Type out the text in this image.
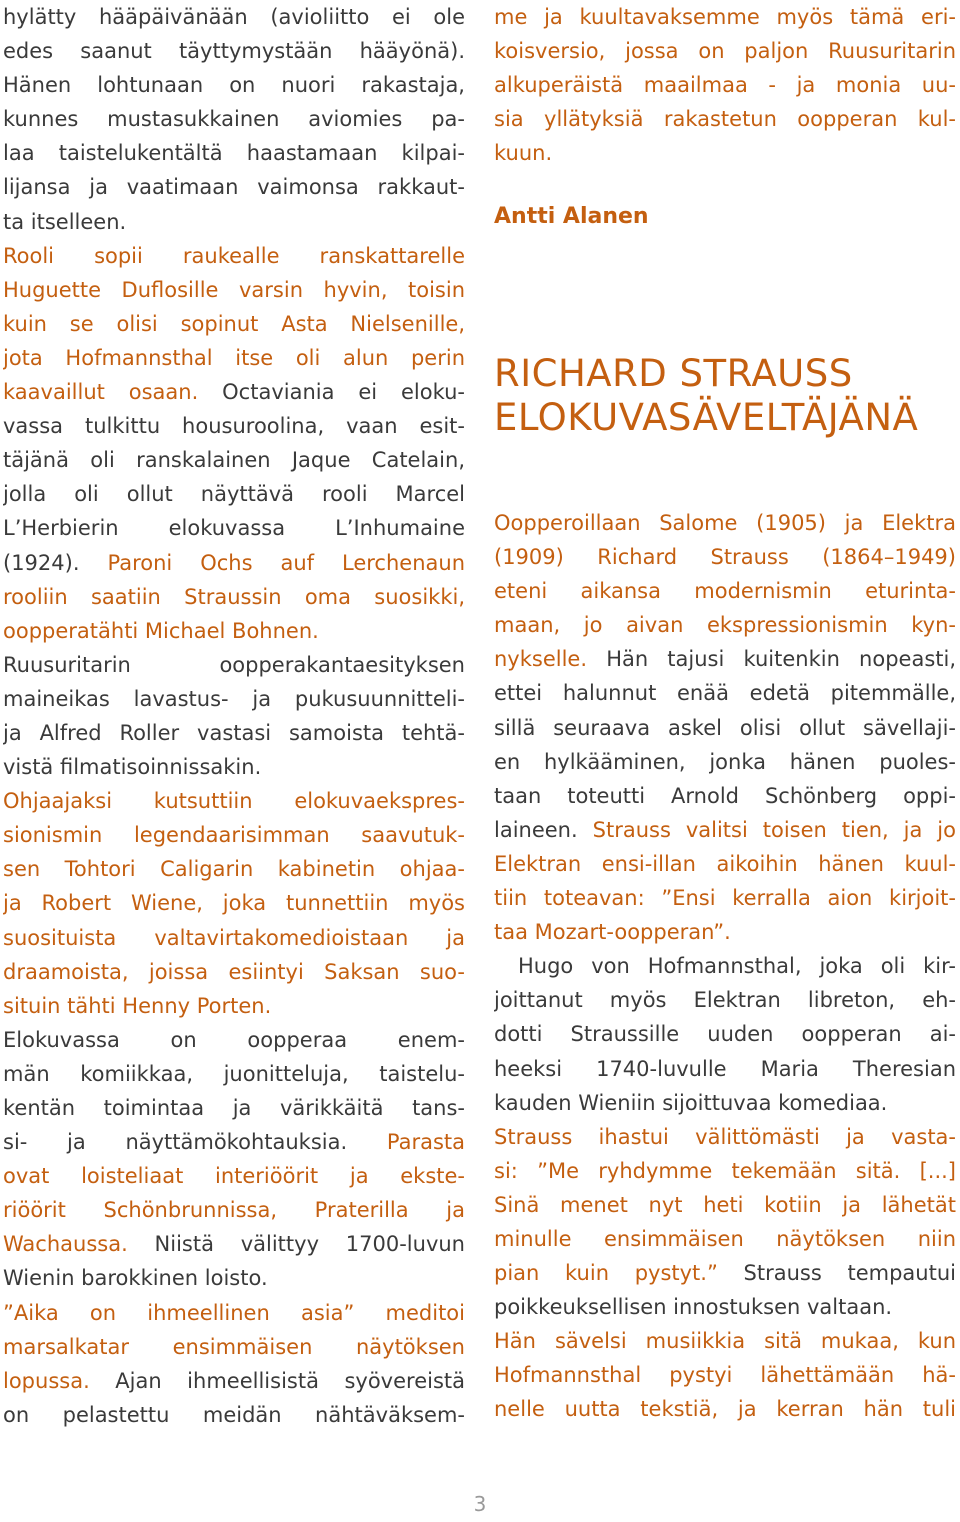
hylätty hääpäivänään (avioliitto ei ole
edes saanut täyttymystään hääyönä).
Hänen lohtunaan on nuori rakastaja,
kunnes mustasukkainen aviomies pa-
laa taistelukentältä haastamaan kilpai-
lijansa ja vaatimaan vaimonsa rakkaut-
ta itselleen.
Rooli sopii raukealle ranskattarelle
Huguette Duflosille varsin hyvin, toisin
kuin se olisi sopinut Asta Nielsenille,
jota Hofmannsthal itse oli alun perin
kaavaillut osaan. Octaviania ei eloku-
vassa tulkittu housuroolina, vaan esit-
täjänä oli ranskalainen Jaque Catelain,
jolla oli ollut näyttävä rooli Marcel
L’Herbierin elokuvassa L’Inhumaine
(1924). Paroni Ochs auf Lerchenaun
rooliin saatiin Straussin oma suosikki,
oopperatähti Michael Bohnen.
Ruusuritarin oopperakantaesityksen
maineikas lavastus- ja pukusuunnitteli-
ja Alfred Roller vastasi samoista tehtä-
vistä filmatisoinnissakin.
Ohjaajaksi kutsuttiin elokuvaekspres-
sionismin legendaarisimman saavutuk-
sen Tohtori Caligarin kabinetin ohjaa-
ja Robert Wiene, joka tunnettiin myös
suosituista valtavirtakomedioistaan ja
draamoista, joissa esiintyi Saksan suo-
situin tähti Henny Porten.
Elokuvassa on oopperaa enem-
män komiikkaa, juonitteluja, taistelu-
kentän toimintaa ja värikkäitä tans-
si- ja näyttämökohtauksia. Parasta
ovat loisteliaat interiöörit ja ekste-
riöörit Schönbrunnissa, Praterilla ja
Wachaussa. Niistä välittyy 1700-luvun
Wienin barokkinen loisto.
”Aika on ihmeellinen asia” meditoi
marsalkatar ensimmäisen näytöksen
lopussa. Ajan ihmeellisistä syövereistä
on pelastettu meidän nähtäväksem-
me ja kuultavaksemme myös tämä eri-
koisversio, jossa on paljon Ruusuritarin
alkuperäistä maailmaa - ja monia uu-
sia yllätyksiä rakastetun oopperan kul-
kuun.
Antti Alanen
RICHARD STRAUSS
ELOKUVASÄVELTÄJÄNÄ
Oopperoillaan Salome (1905) ja Elektra
(1909) Richard Strauss (1864–1949)
eteni aikansa modernismin eturinta-
maan, jo aivan ekspressionismin kyn-
nykselle. Hän tajusi kuitenkin nopeasti,
ettei halunnut enää edetä pitemmälle,
sillä seuraava askel olisi ollut sävellaji-
en hylkääminen, jonka hänen puoles-
taan toteutti Arnold Schönberg oppi-
laineen. Strauss valitsi toisen tien, ja jo
Elektran ensi-illan aikoihin hänen kuul-
tiin toteavan: ”Ensi kerralla aion kirjoit-
taa Mozart-oopperan”.
Hugo von Hofmannsthal, joka oli kir-
joittanut myös Elektran libreton, eh-
dotti Straussille uuden oopperan ai-
heeksi 1740-luvulle Maria Theresian
kauden Wieniin sijoittuvaa komediaa.
Strauss ihastui välittömästi ja vasta-
si: ”Me ryhdymme tekemään sitä. [...]
Sinä menet nyt heti kotiin ja lähetät
minulle ensimmäisen näytöksen niin
pian kuin pystyt.” Strauss tempautui
poikkeuksellisen innostuksen valtaan.
Hän sävelsi musiikkia sitä mukaa, kun
Hofmannsthal pystyi lähettämään hä-
nelle uutta tekstiä, ja kerran hän tuli
3
